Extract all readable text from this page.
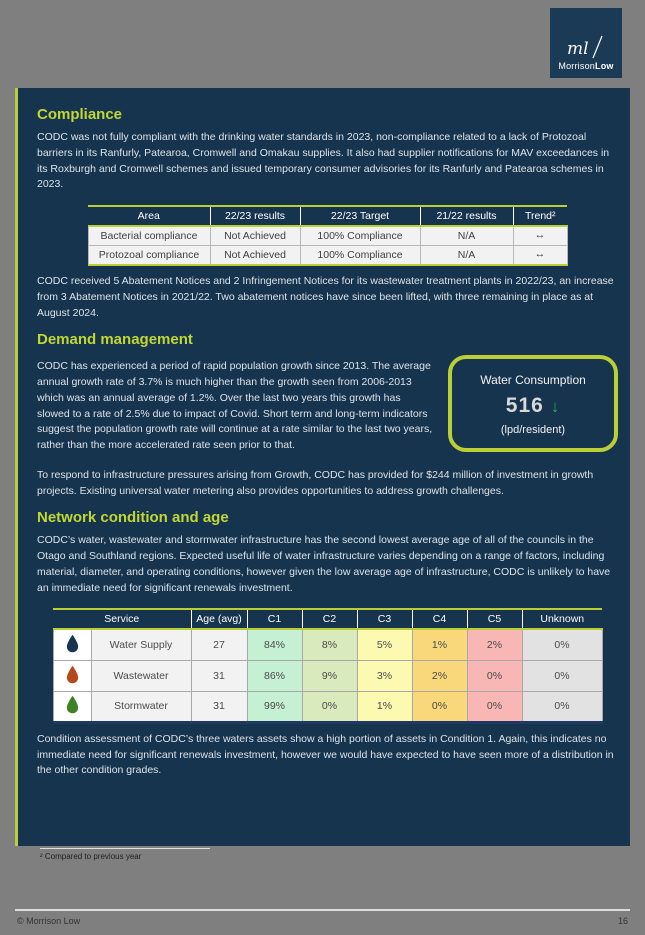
ml
MorrisonLow
Compliance

CODC was not fully compliant with the drinking water standards in 2023, non-compliance related to a lack of Protozoal barriers in its Ranfurly, Patearoa, Cromwell and Omakau supplies. It also had supplier notifications for MAV exceedances in its Roxburgh and Cromwell schemes and issued temporary consumer advisories for its Ranfurly and Patearoa schemes in 2023.

Area	22/23 results	22/23 Target	21/22 results	Trend²
Bacterial compliance	Not Achieved	100% Compliance	N/A	↔
Protozoal compliance	Not Achieved	100% Compliance	N/A	↔

CODC received 5 Abatement Notices and 2 Infringement Notices for its wastewater treatment plants in 2022/23, an increase from 3 Abatement Notices in 2021/22. Two abatement notices have since been lifted, with three remaining in place as at August 2024.

Demand management

CODC has experienced a period of rapid population growth since 2013. The average annual growth rate of 3.7% is much higher than the growth seen from 2006-2013 which was an annual average of 1.2%. Over the last two years this growth has slowed to a rate of 2.5% due to impact of Covid. Short term and long-term indicators suggest the population growth rate will continue at a rate similar to the last two years, rather than the more accelerated rate seen prior to that.

Water Consumption
516 ↓
(lpd/resident)

To respond to infrastructure pressures arising from Growth, CODC has provided for $244 million of investment in growth projects. Existing universal water metering also provides opportunities to address growth challenges.

Network condition and age

CODC’s water, wastewater and stormwater infrastructure has the second lowest average age of all of the councils in the Otago and Southland regions. Expected useful life of water infrastructure varies depending on a range of factors, including material, diameter, and operating conditions, however given the low average age of infrastructure, CODC is unlikely to have an immediate need for significant renewals investment.

Service		Age (avg)	C1	C2	C3	C4	C5	Unknown
	Water Supply	27	84%	8%	5%	1%	2%	0%
	Wastewater	31	86%	9%	3%	2%	0%	0%
	Stormwater	31	99%	0%	1%	0%	0%	0%

Condition assessment of CODC’s three waters assets show a high portion of assets in Condition 1. Again, this indicates no immediate need for significant renewals investment, however we would have expected to have seen more of a distribution in the other condition grades.

² Compared to previous year
© Morrison Low	16
